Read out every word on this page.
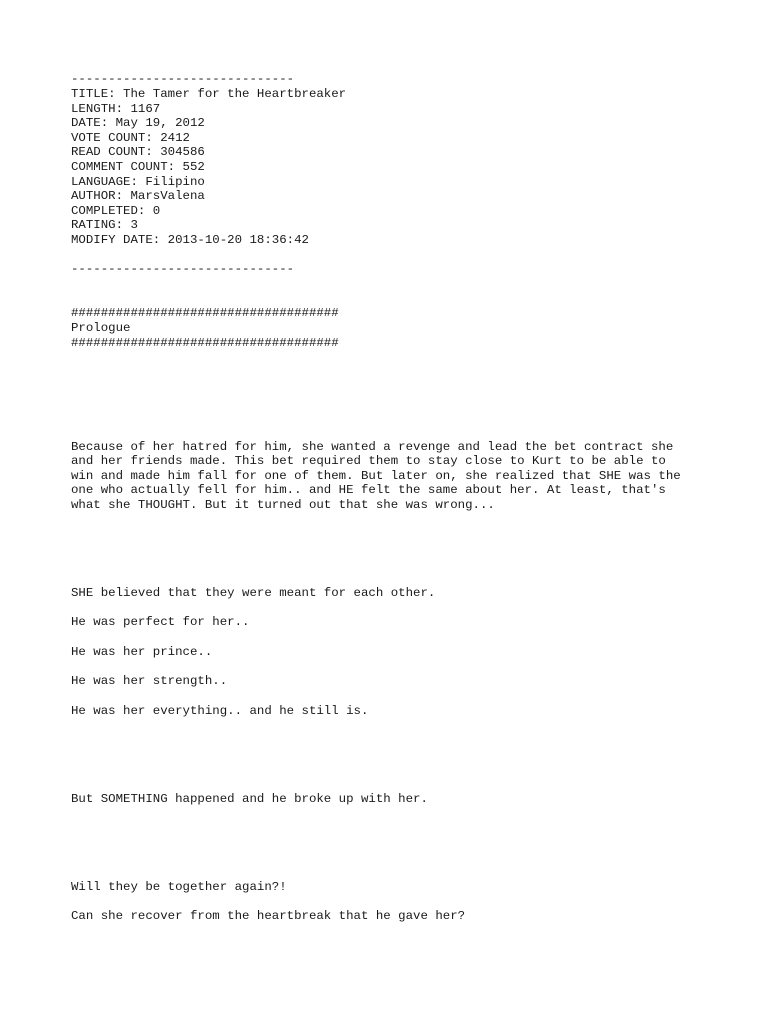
------------------------------
TITLE: The Tamer for the Heartbreaker
LENGTH: 1167
DATE: May 19, 2012
VOTE COUNT: 2412
READ COUNT: 304586
COMMENT COUNT: 552
LANGUAGE: Filipino
AUTHOR: MarsValena
COMPLETED: 0
RATING: 3
MODIFY DATE: 2013-10-20 18:36:42
------------------------------
####################################
Prologue
####################################
Because of her hatred for him, she wanted a revenge and lead the bet contract she
and her friends made. This bet required them to stay close to Kurt to be able to
win and made him fall for one of them. But later on, she realized that SHE was the
one who actually fell for him.. and HE felt the same about her. At least, that's
what she THOUGHT. But it turned out that she was wrong...
SHE believed that they were meant for each other.
He was perfect for her..
He was her prince..
He was her strength..
He was her everything.. and he still is.
But SOMETHING happened and he broke up with her.
Will they be together again?!
Can she recover from the heartbreak that he gave her?
